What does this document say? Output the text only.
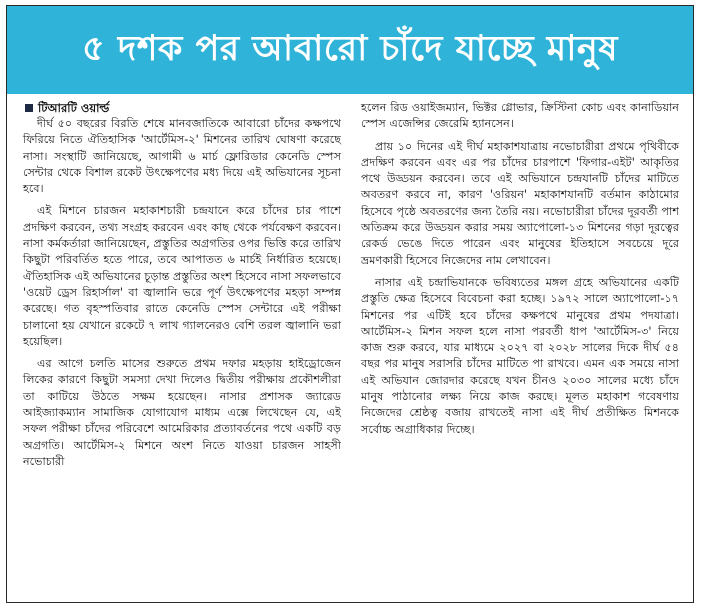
৫ দশক পর আবারো চাঁদে যাচ্ছে মানুষ
টিআরটি ওয়ার্ল্ড

দীর্ঘ ৫০ বছরের বিরতি শেষে মানবজাতিকে আবারো চাঁদের কক্ষপথে ফিরিয়ে নিতে ঐতিহাসিক 'আর্টেমিস-২' মিশনের তারিখ ঘোষণা করেছে নাসা। সংস্থাটি জানিয়েছে, আগামী ৬ মার্চ ফ্লোরিডার কেনেডি স্পেস সেন্টার থেকে বিশাল রকেট উৎক্ষেপণের মধ্য দিয়ে এই অভিযানের সূচনা হবে।

এই মিশনে চারজন মহাকাশচারী চন্দ্রযানে করে চাঁদের চার পাশে প্রদক্ষিণ করবেন, তথ্য সংগ্রহ করবেন এবং কাছ থেকে পর্যবেক্ষণ করবেন। নাসা কর্মকর্তারা জানিয়েছেন, প্রস্তুতির অগ্রগতির ওপর ভিত্তি করে তারিখ কিছুটা পরিবর্তিত হতে পারে, তবে আপাতত ৬ মার্চই নির্ধারিত হয়েছে। ঐতিহাসিক এই অভিযানের চূড়ান্ত প্রস্তুতির অংশ হিসেবে নাসা সফলভাবে 'ওয়েট ড্রেস রিহার্সাল' বা জ্বালানি ভরে পূর্ণ উৎক্ষেপণের মহড়া সম্পন্ন করেছে। গত বৃহস্পতিবার রাতে কেনেডি স্পেস সেন্টারে এই পরীক্ষা চালানো হয় যেখানে রকেটে ৭ লাখ গ্যালনেরও বেশি তরল জ্বালানি ভরা হয়েছিল।

এর আগে চলতি মাসের শুরুতে প্রথম দফার মহড়ায় হাইড্রোজেন লিকের কারণে কিছুটা সমস্যা দেখা দিলেও দ্বিতীয় পরীক্ষায় প্রকৌশলীরা তা কাটিয়ে উঠতে সক্ষম হয়েছেন। নাসার প্রশাসক জ্যারেড আইজ্যাকম্যান সামাজিক যোগাযোগ মাধ্যম এক্সে লিখেছেন যে, এই সফল পরীক্ষা চাঁদের পরিবেশে আমেরিকার প্রত্যাবর্তনের পথে একটি বড় অগ্রগতি। আর্টেমিস-২ মিশনে অংশ নিতে যাওয়া চারজন সাহসী নভোচারী

হলেন রিড ওয়াইজম্যান, ভিক্টর গ্লোভার, ক্রিস্টিনা কোচ এবং কানাডিয়ান স্পেস এজেন্সির জেরেমি হ্যানসেন।

প্রায় ১০ দিনের এই দীর্ঘ মহাকাশযাত্রায় নভোচারীরা প্রথমে পৃথিবীকে প্রদক্ষিণ করবেন এবং এর পর চাঁদের চারপাশে 'ফিগার-এইট' আকৃতির পথে উড্ডয়ন করবেন। তবে এই অভিযানে চন্দ্রযানটি চাঁদের মাটিতে অবতরণ করবে না, কারণ 'ওরিয়ন' মহাকাশযানটি বর্তমান কাঠামোর হিসেবে পৃষ্ঠে অবতরণের জন্য তৈরি নয়। নভোচারীরা চাঁদের দূরবর্তী পাশ অতিক্রম করে উড্ডয়ন করার সময় অ্যাপোলো-১৩ মিশনের গড়া দূরত্বের রেকর্ড ভেঙে দিতে পারেন এবং মানুষের ইতিহাসে সবচেয়ে দূরে ভ্রমণকারী হিসেবে নিজেদের নাম লেখাবেন।

নাসার এই চন্দ্রাভিযানকে ভবিষ্যতের মঙ্গল গ্রহে অভিযানের একটি প্রস্তুতি ক্ষেত্র হিসেবে বিবেচনা করা হচ্ছে। ১৯৭২ সালে অ্যাপোলো-১৭ মিশনের পর এটিই হবে চাঁদের কক্ষপথে মানুষের প্রথম পদযাত্রা। আর্টেমিস-২ মিশন সফল হলে নাসা পরবর্তী ধাপ 'আর্টেমিস-৩' নিয়ে কাজ শুরু করবে, যার মাধ্যমে ২০২৭ বা ২০২৮ সালের দিকে দীর্ঘ ৫৪ বছর পর মানুষ সরাসরি চাঁদের মাটিতে পা রাখবে। এমন এক সময়ে নাসা এই অভিযান জোরদার করেছে যখন চীনও ২০৩০ সালের মধ্যে চাঁদে মানুষ পাঠানোর লক্ষ্য নিয়ে কাজ করছে। মূলত মহাকাশ গবেষণায় নিজেদের শ্রেষ্ঠত্ব বজায় রাখতেই নাসা এই দীর্ঘ প্রতীক্ষিত মিশনকে সর্বোচ্চ অগ্রাধিকার দিচ্ছে।
